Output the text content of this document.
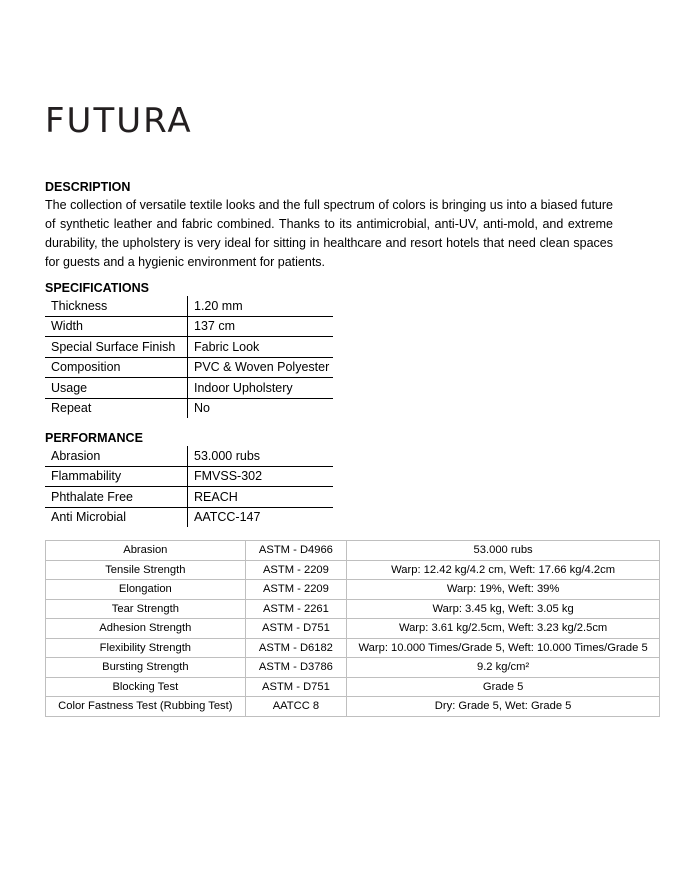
FUTURA
DESCRIPTION
The collection of versatile textile looks and the full spectrum of colors is bringing us into a biased future of synthetic leather and fabric combined. Thanks to its antimicrobial, anti-UV, anti-mold, and extreme durability, the upholstery is very ideal for sitting in healthcare and resort hotels that need clean spaces for guests and a hygienic environment for patients.
SPECIFICATIONS
Thickness	1.20 mm
Width	137 cm
Special Surface Finish	Fabric Look
Composition	PVC & Woven Polyester
Usage	Indoor Upholstery
Repeat	No
PERFORMANCE
Abrasion	53.000 rubs
Flammability	FMVSS-302
Phthalate Free	REACH
Anti Microbial	AATCC-147
Abrasion	ASTM - D4966	53.000 rubs
Tensile Strength	ASTM - 2209	Warp: 12.42 kg/4.2 cm, Weft: 17.66 kg/4.2cm
Elongation	ASTM - 2209	Warp: 19%, Weft: 39%
Tear Strength	ASTM - 2261	Warp: 3.45 kg, Weft: 3.05 kg
Adhesion Strength	ASTM - D751	Warp: 3.61 kg/2.5cm, Weft: 3.23 kg/2.5cm
Flexibility Strength	ASTM - D6182	Warp: 10.000 Times/Grade 5, Weft: 10.000 Times/Grade 5
Bursting Strength	ASTM - D3786	9.2 kg/cm²
Blocking Test	ASTM - D751	Grade 5
Color Fastness Test (Rubbing Test)	AATCC 8	Dry: Grade 5, Wet: Grade 5
